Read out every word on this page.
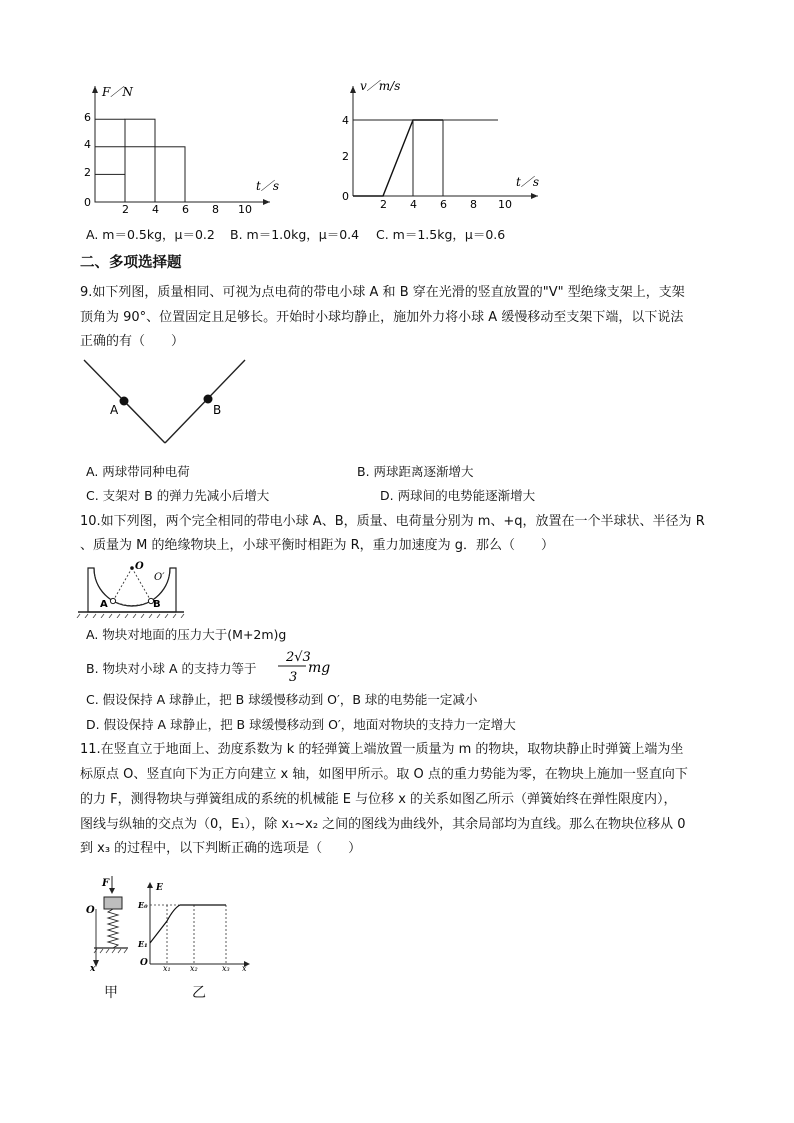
F／N
t／s
6
4
2
0
2 4 6 8 10
v／m/s
t／s
4
2
0
2 4 6 8 10
A. m＝0.5kg，μ＝0.2 B. m＝1.0kg，μ＝0.4 C. m＝1.5kg，μ＝0.6
二、多项选择题
9.如下列图，质量相同、可视为点电荷的带电小球 A 和 B 穿在光滑的竖直放置的"V" 型绝缘支架上，支架
顶角为 90°、位置固定且足够长。开始时小球均静止，施加外力将小球 A 缓慢移动至支架下端，以下说法
正确的有（　　）
A	B
A. 两球带同种电荷	B. 两球距离逐渐增大
C. 支架对 B 的弹力先减小后增大	D. 两球间的电势能逐渐增大
10.如下列图，两个完全相同的带电小球 A、B，质量、电荷量分别为 m、+q，放置在一个半球状、半径为 R
、质量为 M 的绝缘物块上，小球平衡时相距为 R，重力加速度为 g．那么（　　）
O
O′
A	B
A. 物块对地面的压力大于(M+2m)g
B. 物块对小球 A 的支持力等于
2√3
3
mg
C. 假设保持 A 球静止，把 B 球缓慢移动到 O′，B 球的电势能一定减小
D. 假设保持 A 球静止，把 B 球缓慢移动到 O′，地面对物块的支持力一定增大
11.在竖直立于地面上、劲度系数为 k 的轻弹簧上端放置一质量为 m 的物块，取物块静止时弹簧上端为坐
标原点 O、竖直向下为正方向建立 x 轴，如图甲所示。取 O 点的重力势能为零，在物块上施加一竖直向下
的力 F，测得物块与弹簧组成的系统的机械能 E 与位移 x 的关系如图乙所示（弹簧始终在弹性限度内），
图线与纵轴的交点为（0，E₁），除 x₁~x₂ 之间的图线为曲线外，其余局部均为直线。那么在物块位移从 0
到 x₃ 的过程中，以下判断正确的选项是（　　）
F
O
x
E
E₀
E₁
O
x₁ x₂	x₃ x
甲	乙
